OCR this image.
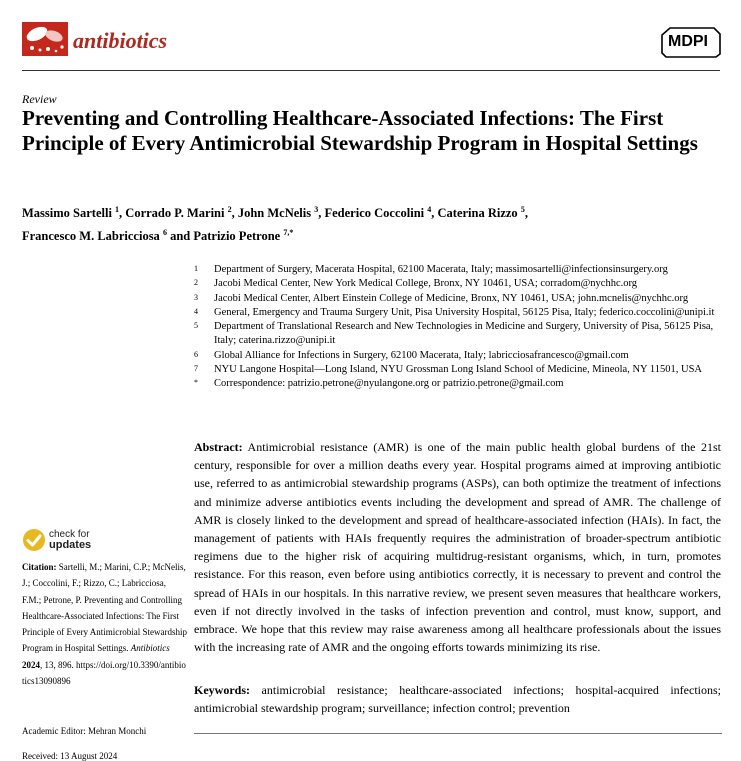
antibiotics	MDPI
Review
Preventing and Controlling Healthcare-Associated Infections: The First Principle of Every Antimicrobial Stewardship Program in Hospital Settings
Massimo Sartelli $^1$, Corrado P. Marini $^2$, John McNelis $^3$, Federico Coccolini $^4$, Caterina Rizzo $^5$,
Francesco M. Labricciosa $^6$ and Patrizio Petrone $^{7,*}$
1 Department of Surgery, Macerata Hospital, 62100 Macerata, Italy; massimosartelli@infectionsinsurgery.org
2 Jacobi Medical Center, New York Medical College, Bronx, NY 10461, USA; corradom@nychhc.org
3 Jacobi Medical Center, Albert Einstein College of Medicine, Bronx, NY 10461, USA; john.mcnelis@nychhc.org
4 General, Emergency and Trauma Surgery Unit, Pisa University Hospital, 56125 Pisa, Italy; federico.coccolini@unipi.it
5 Department of Translational Research and New Technologies in Medicine and Surgery, University of Pisa, 56125 Pisa, Italy; caterina.rizzo@unipi.it
6 Global Alliance for Infections in Surgery, 62100 Macerata, Italy; labricciosafrancesco@gmail.com
7 NYU Langone Hospital—Long Island, NYU Grossman Long Island School of Medicine, Mineola, NY 11501, USA
* Correspondence: patrizio.petrone@nyulangone.org or patrizio.petrone@gmail.com
Abstract: Antimicrobial resistance (AMR) is one of the main public health global burdens of the 21st century, responsible for over a million deaths every year. Hospital programs aimed at improving antibiotic use, referred to as antimicrobial stewardship programs (ASPs), can both optimize the treatment of infections and minimize adverse antibiotics events including the development and spread of AMR. The challenge of AMR is closely linked to the development and spread of healthcare-associated infection (HAIs). In fact, the management of patients with HAIs frequently requires the administration of broader-spectrum antibiotic regimens due to the higher risk of acquiring multidrug-resistant organisms, which, in turn, promotes resistance. For this reason, even before using antibiotics correctly, it is necessary to prevent and control the spread of HAIs in our hospitals. In this narrative review, we present seven measures that healthcare workers, even if not directly involved in the tasks of infection prevention and control, must know, support, and embrace. We hope that this review may raise awareness among all healthcare professionals about the issues with the increasing rate of AMR and the ongoing efforts towards minimizing its rise.
Keywords: antimicrobial resistance; healthcare-associated infections; hospital-acquired infections; antimicrobial stewardship program; surveillance; infection control; prevention
check for
updates
Citation: Sartelli, M.; Marini, C.P.; McNelis, J.; Coccolini, F.; Rizzo, C.; Labricciosa, F.M.; Petrone, P. Preventing and Controlling Healthcare-Associated Infections: The First Principle of Every Antimicrobial Stewardship Program in Hospital Settings. Antibiotics 2024, 13, 896. https://doi.org/10.3390/antibiotics13090896
Academic Editor: Mehran Monchi
Received: 13 August 2024
